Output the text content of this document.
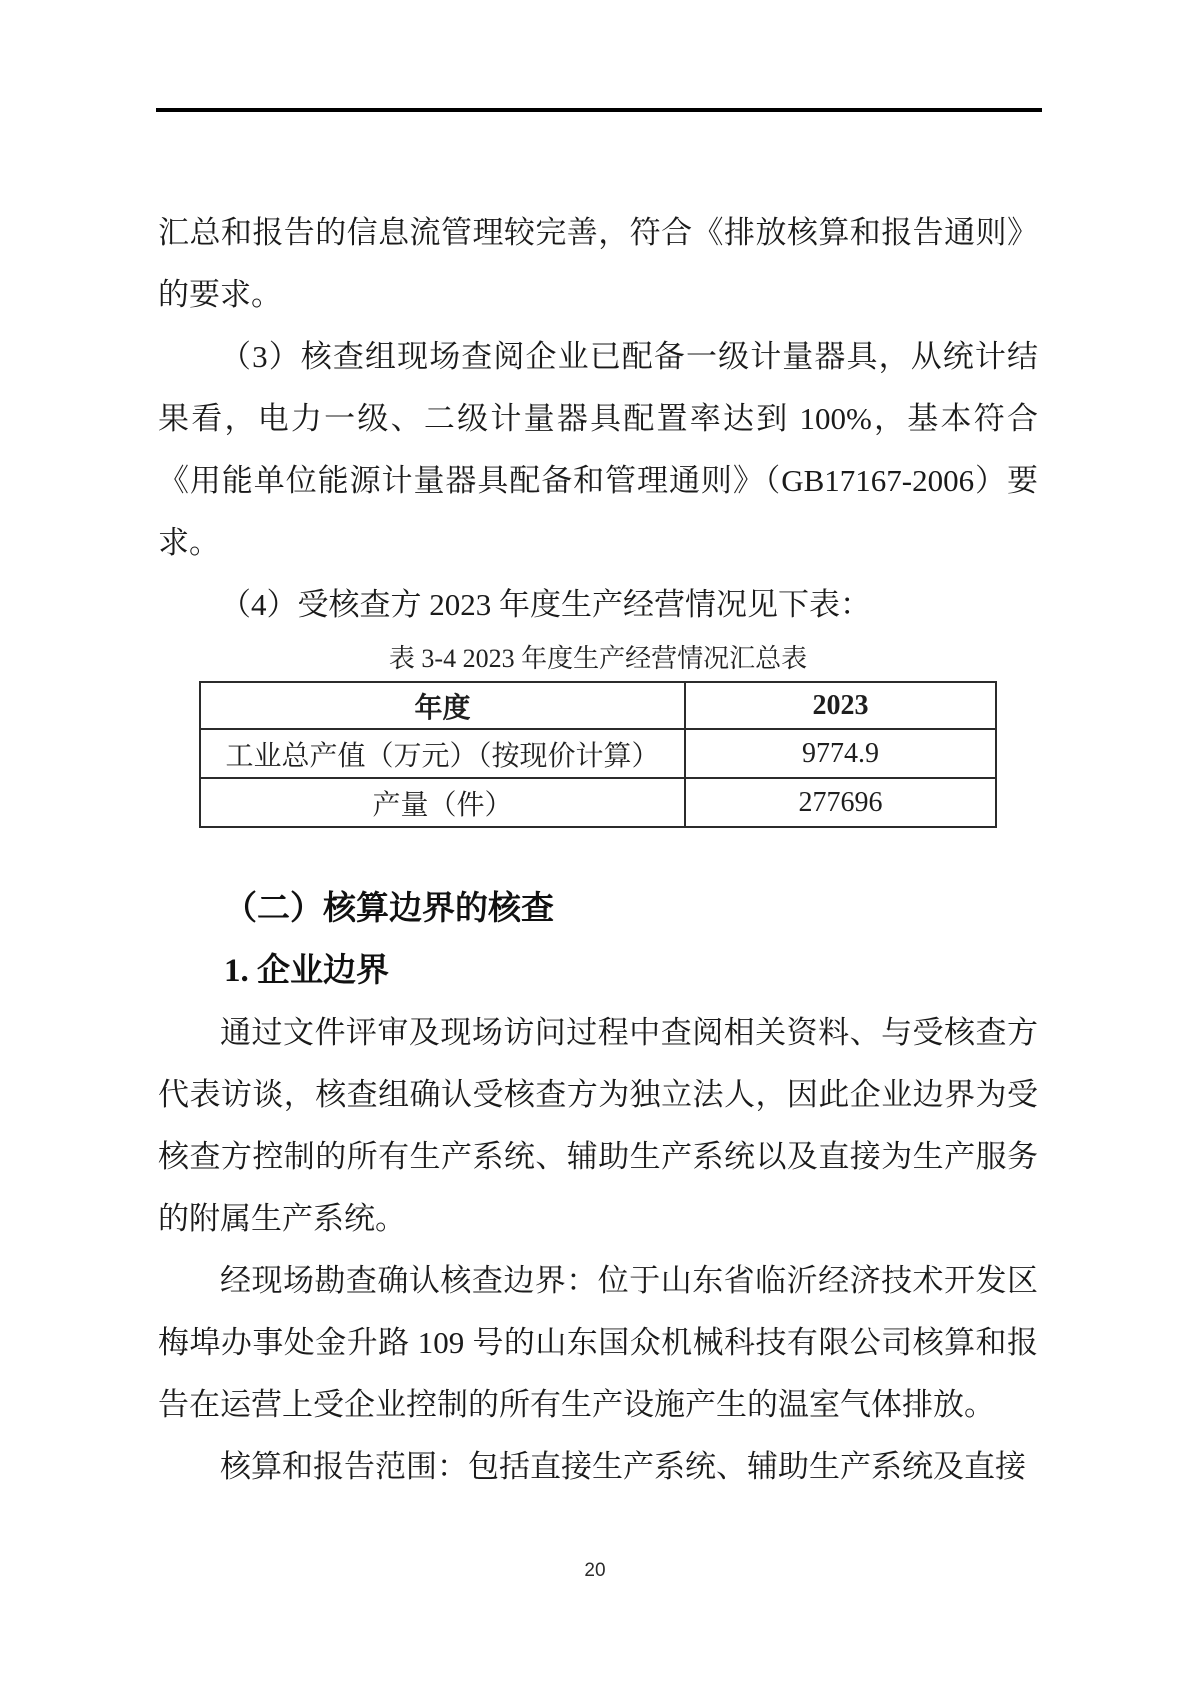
汇总和报告的信息流管理较完善，符合《排放核算和报告通则》的要求。

（3）核查组现场查阅企业已配备一级计量器具，从统计结果看，电力一级、二级计量器具配置率达到 100%，基本符合《用能单位能源计量器具配备和管理通则》（GB17167-2006）要求。

（4）受核查方 2023 年度生产经营情况见下表：

表 3-4 2023 年度生产经营情况汇总表
年度	2023
工业总产值（万元）（按现价计算）	9774.9
产量（件）	277696
（二）核算边界的核查
1. 企业边界

通过文件评审及现场访问过程中查阅相关资料、与受核查方代表访谈，核查组确认受核查方为独立法人，因此企业边界为受核查方控制的所有生产系统、辅助生产系统以及直接为生产服务的附属生产系统。

经现场勘查确认核查边界：位于山东省临沂经济技术开发区梅埠办事处金升路 109 号的山东国众机械科技有限公司核算和报告在运营上受企业控制的所有生产设施产生的温室气体排放。

核算和报告范围：包括直接生产系统、辅助生产系统及直接

20
